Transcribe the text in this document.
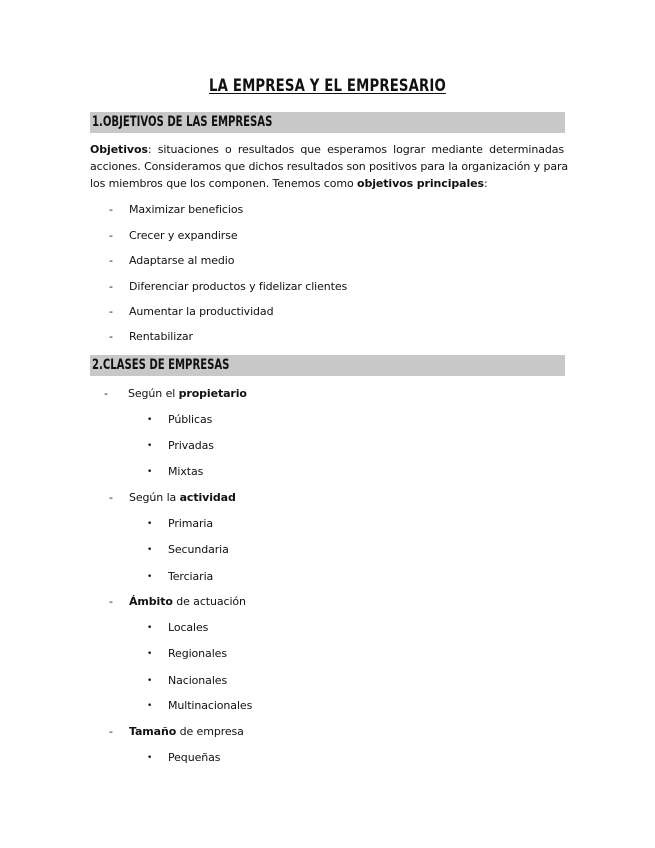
LA EMPRESA Y EL EMPRESARIO
1.OBJETIVOS DE LAS EMPRESAS
Objetivos: situaciones o resultados que esperamos lograr mediante determinadas
acciones. Consideramos que dichos resultados son positivos para la organización y para
los miembros que los componen. Tenemos como objetivos principales:
- Maximizar beneficios
- Crecer y expandirse
- Adaptarse al medio
- Diferenciar productos y fidelizar clientes
- Aumentar la productividad
- Rentabilizar
2.CLASES DE EMPRESAS
- Según el propietario
• Públicas
• Privadas
• Mixtas
- Según la actividad
• Primaria
• Secundaria
• Terciaria
- Ámbito de actuación
• Locales
• Regionales
• Nacionales
• Multinacionales
- Tamaño de empresa
• Pequeñas
